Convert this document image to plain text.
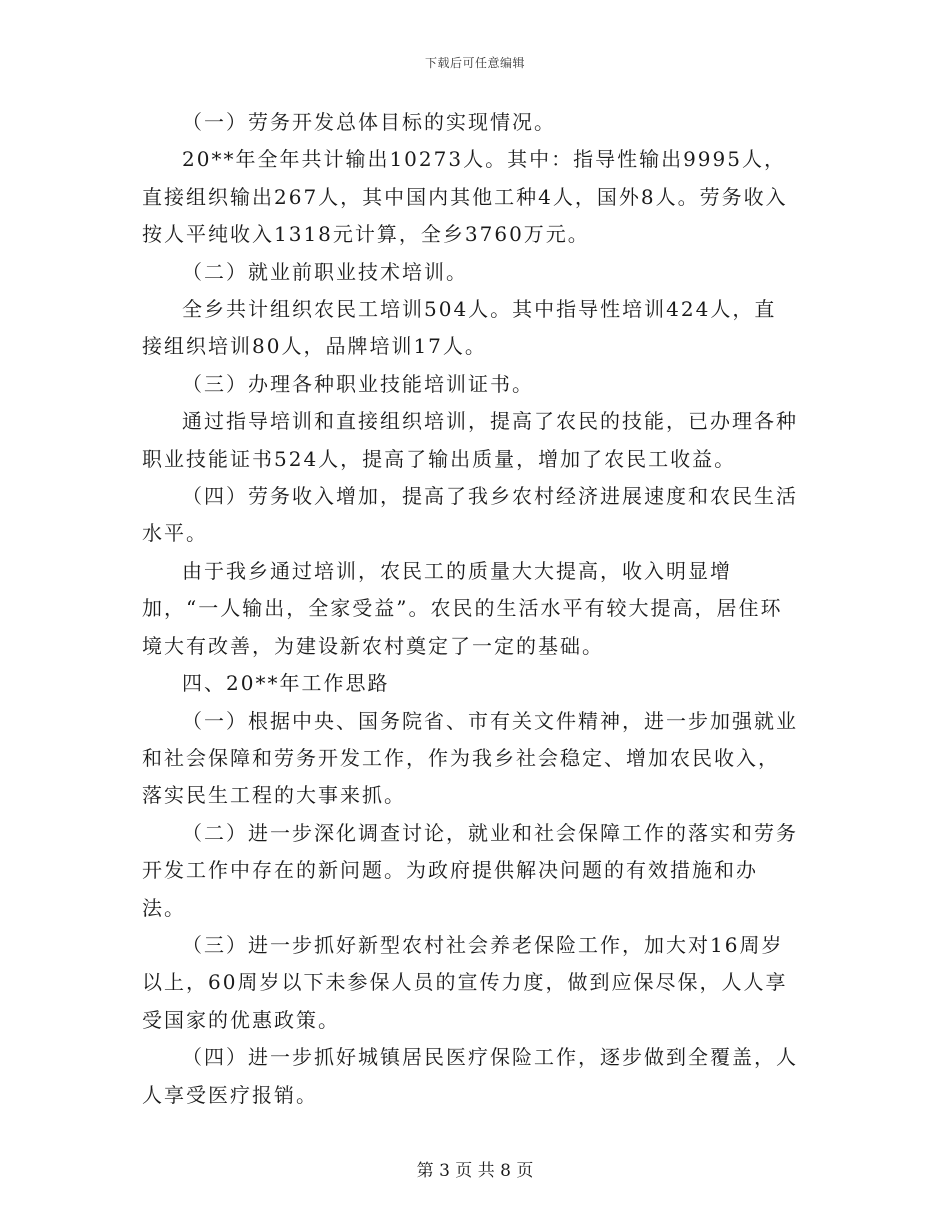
下载后可任意编辑

（一）劳务开发总体目标的实现情况。

20**年全年共计输出10273人。其中：指导性输出9995人，直接组织输出267人，其中国内其他工种4人，国外8人。劳务收入按人平纯收入1318元计算，全乡3760万元。

（二）就业前职业技术培训。

全乡共计组织农民工培训504人。其中指导性培训424人，直接组织培训80人，品牌培训17人。

（三）办理各种职业技能培训证书。

通过指导培训和直接组织培训，提高了农民的技能，已办理各种职业技能证书524人，提高了输出质量，增加了农民工收益。

（四）劳务收入增加，提高了我乡农村经济进展速度和农民生活水平。

由于我乡通过培训，农民工的质量大大提高，收入明显增加，“一人输出，全家受益”。农民的生活水平有较大提高，居住环境大有改善，为建设新农村奠定了一定的基础。

四、20**年工作思路

（一）根据中央、国务院省、市有关文件精神，进一步加强就业和社会保障和劳务开发工作，作为我乡社会稳定、增加农民收入，落实民生工程的大事来抓。

（二）进一步深化调查讨论，就业和社会保障工作的落实和劳务开发工作中存在的新问题。为政府提供解决问题的有效措施和办法。

（三）进一步抓好新型农村社会养老保险工作，加大对16周岁以上，60周岁以下未参保人员的宣传力度，做到应保尽保，人人享受国家的优惠政策。

（四）进一步抓好城镇居民医疗保险工作，逐步做到全覆盖，人人享受医疗报销。

第 3 页 共 8 页
